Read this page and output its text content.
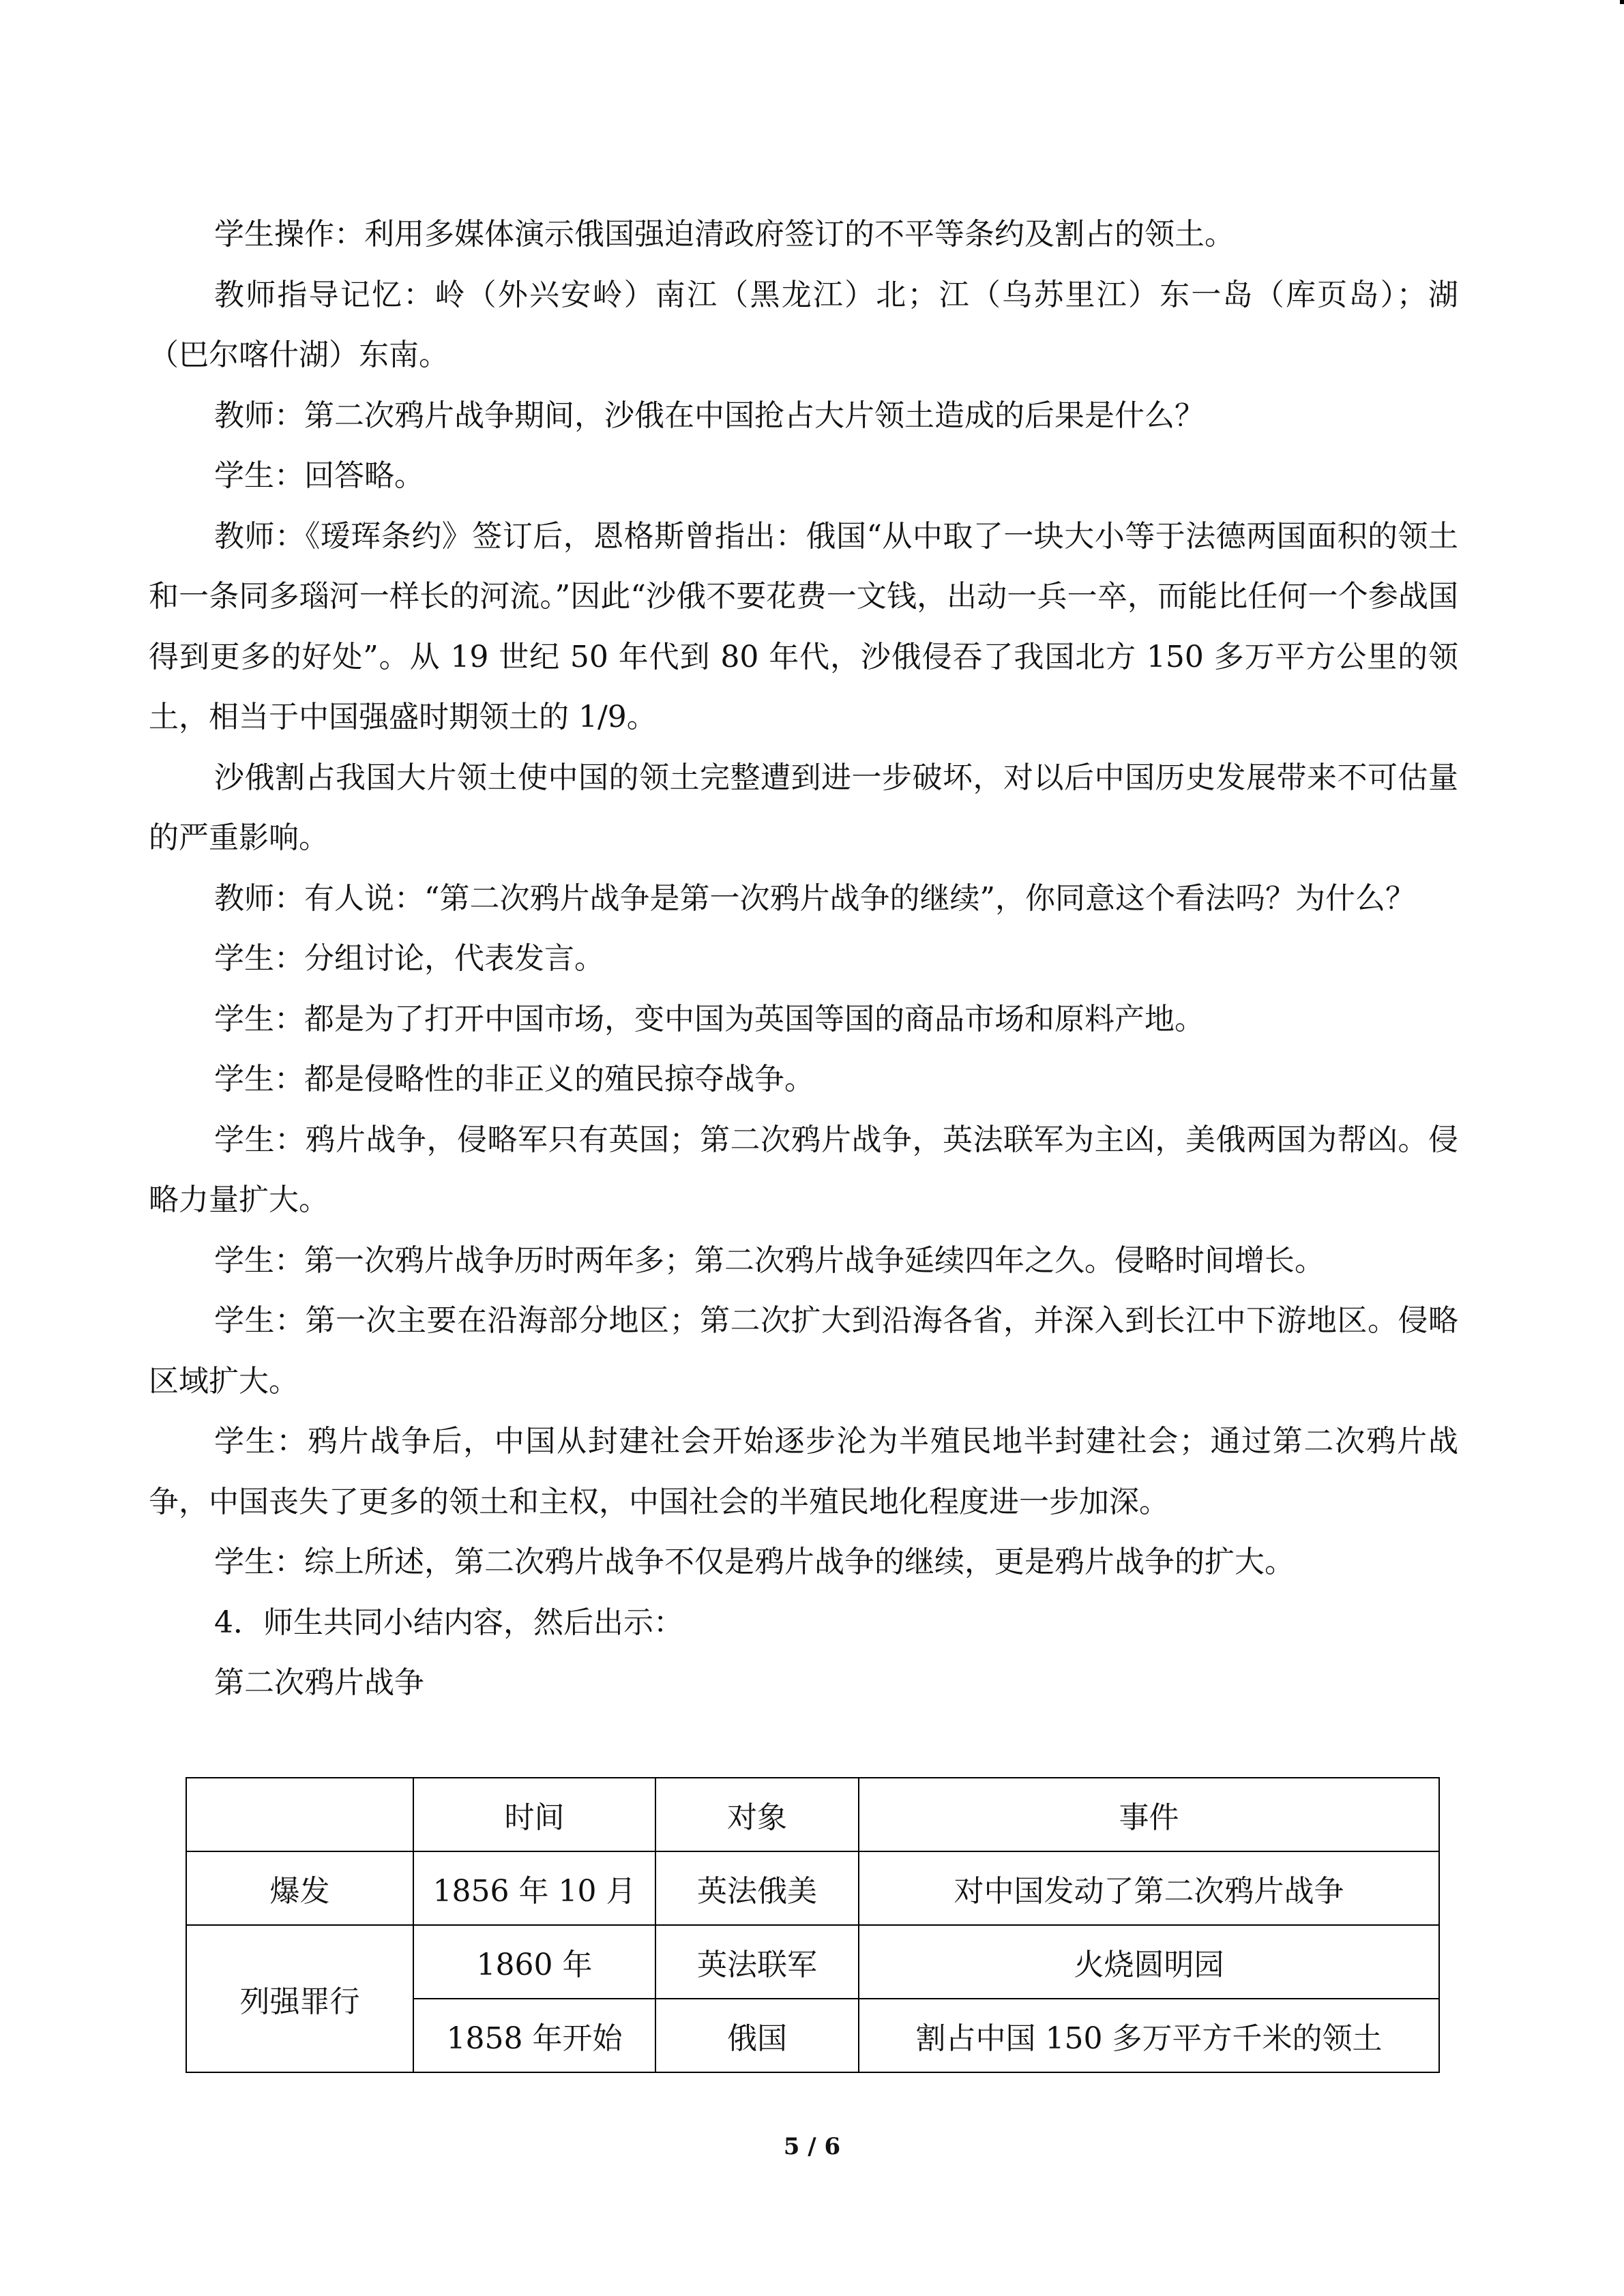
学生操作：利用多媒体演示俄国强迫清政府签订的不平等条约及割占的领土。

教师指导记忆：岭（外兴安岭）南江（黑龙江）北；江（乌苏里江）东一岛（库页岛）；湖（巴尔喀什湖）东南。

教师：第二次鸦片战争期间，沙俄在中国抢占大片领土造成的后果是什么？

学生：回答略。

教师：《瑷珲条约》签订后，恩格斯曾指出：俄国“从中取了一块大小等于法德两国面积的领土和一条同多瑙河一样长的河流。”因此“沙俄不要花费一文钱，出动一兵一卒，而能比任何一个参战国得到更多的好处”。从 19 世纪 50 年代到 80 年代，沙俄侵吞了我国北方 150 多万平方公里的领土，相当于中国强盛时期领土的 1/9。

沙俄割占我国大片领土使中国的领土完整遭到进一步破坏，对以后中国历史发展带来不可估量的严重影响。

教师：有人说：“第二次鸦片战争是第一次鸦片战争的继续”，你同意这个看法吗？为什么？

学生：分组讨论，代表发言。

学生：都是为了打开中国市场，变中国为英国等国的商品市场和原料产地。

学生：都是侵略性的非正义的殖民掠夺战争。

学生：鸦片战争，侵略军只有英国；第二次鸦片战争，英法联军为主凶，美俄两国为帮凶。侵略力量扩大。

学生：第一次鸦片战争历时两年多；第二次鸦片战争延续四年之久。侵略时间增长。

学生：第一次主要在沿海部分地区；第二次扩大到沿海各省，并深入到长江中下游地区。侵略区域扩大。

学生：鸦片战争后，中国从封建社会开始逐步沦为半殖民地半封建社会；通过第二次鸦片战争，中国丧失了更多的领土和主权，中国社会的半殖民地化程度进一步加深。

学生：综上所述，第二次鸦片战争不仅是鸦片战争的继续，更是鸦片战争的扩大。

4．师生共同小结内容，然后出示：

第二次鸦片战争

	时间	对象	事件
爆发	1856 年 10 月	英法俄美	对中国发动了第二次鸦片战争
列强罪行	1860 年	英法联军	火烧圆明园
	1858 年开始	俄国	割占中国 150 多万平方千米的领土
5 / 6
